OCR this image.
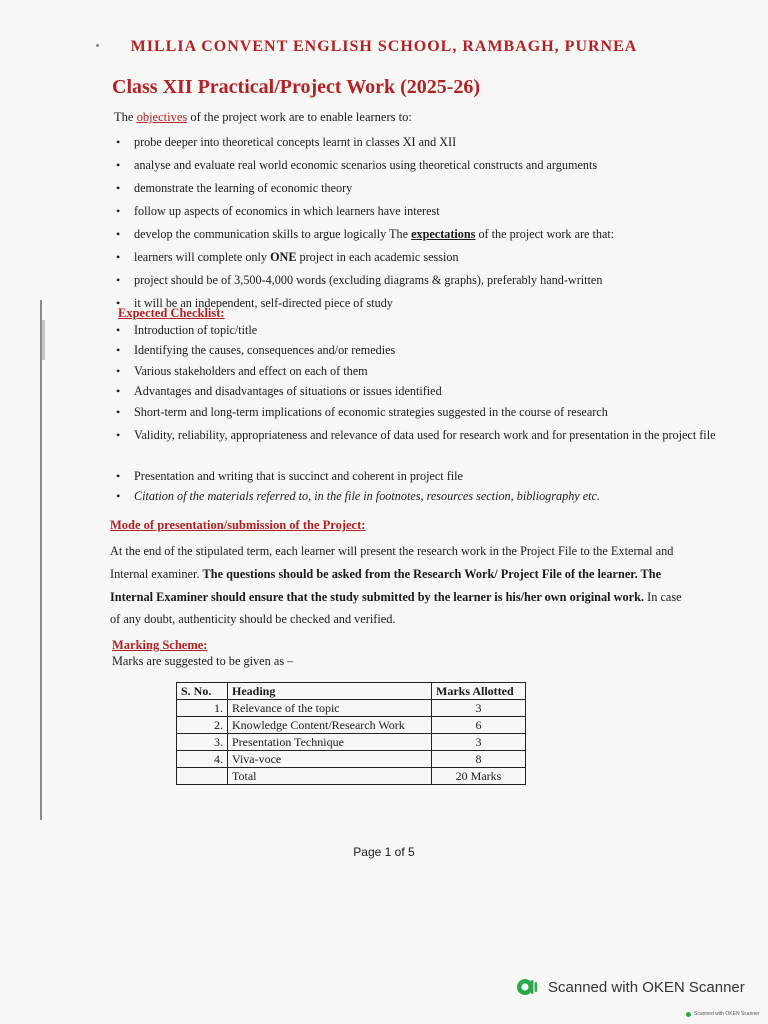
MILLIA CONVENT ENGLISH SCHOOL, RAMBAGH, PURNEA
Class XII Practical/Project Work (2025-26)
The objectives of the project work are to enable learners to:
• probe deeper into theoretical concepts learnt in classes XI and XII
• analyse and evaluate real world economic scenarios using theoretical constructs and arguments
• demonstrate the learning of economic theory
• follow up aspects of economics in which learners have interest
• develop the communication skills to argue logically The expectations of the project work are that:
• learners will complete only ONE project in each academic session
• project should be of 3,500-4,000 words (excluding diagrams & graphs), preferably hand-written
• it will be an independent, self-directed piece of study
Expected Checklist:
• Introduction of topic/title
• Identifying the causes, consequences and/or remedies
• Various stakeholders and effect on each of them
• Advantages and disadvantages of situations or issues identified
• Short-term and long-term implications of economic strategies suggested in the course of research
• Validity, reliability, appropriateness and relevance of data used for research work and for presentation in the project file
• Presentation and writing that is succinct and coherent in project file
• Citation of the materials referred to, in the file in footnotes, resources section, bibliography etc.
Mode of presentation/submission of the Project:
At the end of the stipulated term, each learner will present the research work in the Project File to the External and Internal examiner. The questions should be asked from the Research Work/ Project File of the learner. The Internal Examiner should ensure that the study submitted by the learner is his/her own original work. In case of any doubt, authenticity should be checked and verified.
Marking Scheme:
Marks are suggested to be given as –
S. No.	Heading	Marks Allotted
1.	Relevance of the topic	3
2.	Knowledge Content/Research Work	6
3.	Presentation Technique	3
4.	Viva-voce	8
	Total	20 Marks
Page 1 of 5
Scanned with OKEN Scanner
Scanned with OKEN Scanner
